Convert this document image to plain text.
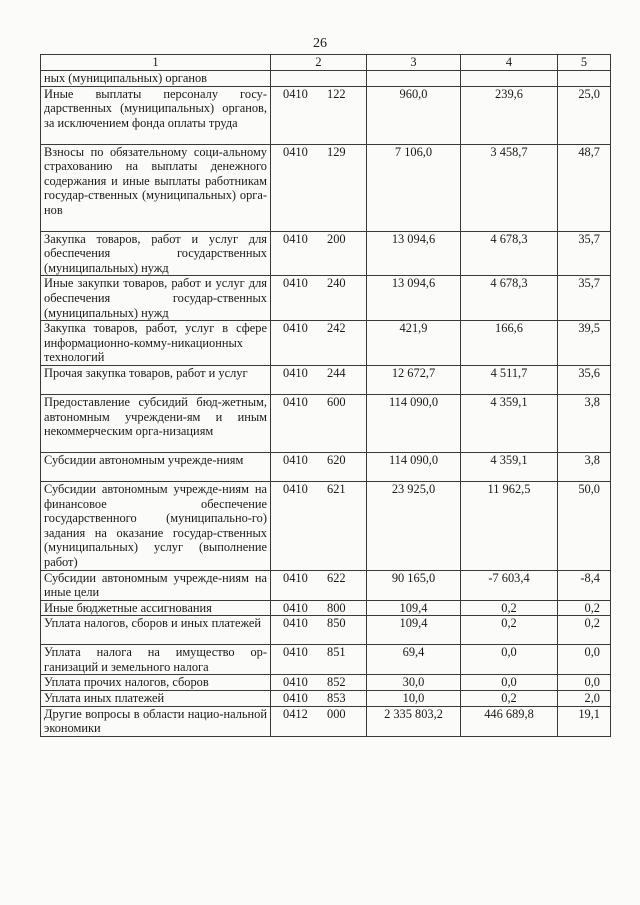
26
1	2	3	4	5
ных (муниципальных) органов	

Иные выплаты персоналу госу-дарственных (муниципальных) органов, за исключением фонда оплаты труда	0410 122	960,0	239,6	25,0
Взносы по обязательному соци-альному страхованию на выплаты денежного содержания и иные выплаты работникам государ-ственных (муниципальных) орга-нов	0410 129	7 106,0	3 458,7	48,7
Закупка товаров, работ и услуг для обеспечения государственных (муниципальных) нужд	0410 200	13 094,6	4 678,3	35,7
Иные закупки товаров, работ и услуг для обеспечения государ-ственных (муниципальных) нужд	0410 240	13 094,6	4 678,3	35,7
Закупка товаров, работ, услуг в сфере информационно-комму-никационных технологий	0410 242	421,9	166,6	39,5
Прочая закупка товаров, работ и услуг	0410 244	12 672,7	4 511,7	35,6
Предоставление субсидий бюд-жетным, автономным учреждени-ям и иным некоммерческим орга-низациям	0410 600	114 090,0	4 359,1	3,8
Субсидии автономным учрежде-ниям	0410 620	114 090,0	4 359,1	3,8
Субсидии автономным учрежде-ниям на финансовое обеспечение государственного (муниципально-го) задания на оказание государ-ственных (муниципальных) услуг (выполнение работ)	0410 621	23 925,0	11 962,5	50,0
Субсидии автономным учрежде-ниям на иные цели	0410 622	90 165,0	-7 603,4	-8,4
Иные бюджетные ассигнования	0410 800	109,4	0,2	0,2
Уплата налогов, сборов и иных платежей	0410 850	109,4	0,2	0,2
Уплата налога на имущество ор-ганизаций и земельного налога	0410 851	69,4	0,0	0,0
Уплата прочих налогов, сборов	0410 852	30,0	0,0	0,0
Уплата иных платежей	0410 853	10,0	0,2	2,0
Другие вопросы в области нацио-нальной экономики	0412 000	2 335 803,2	446 689,8	19,1
